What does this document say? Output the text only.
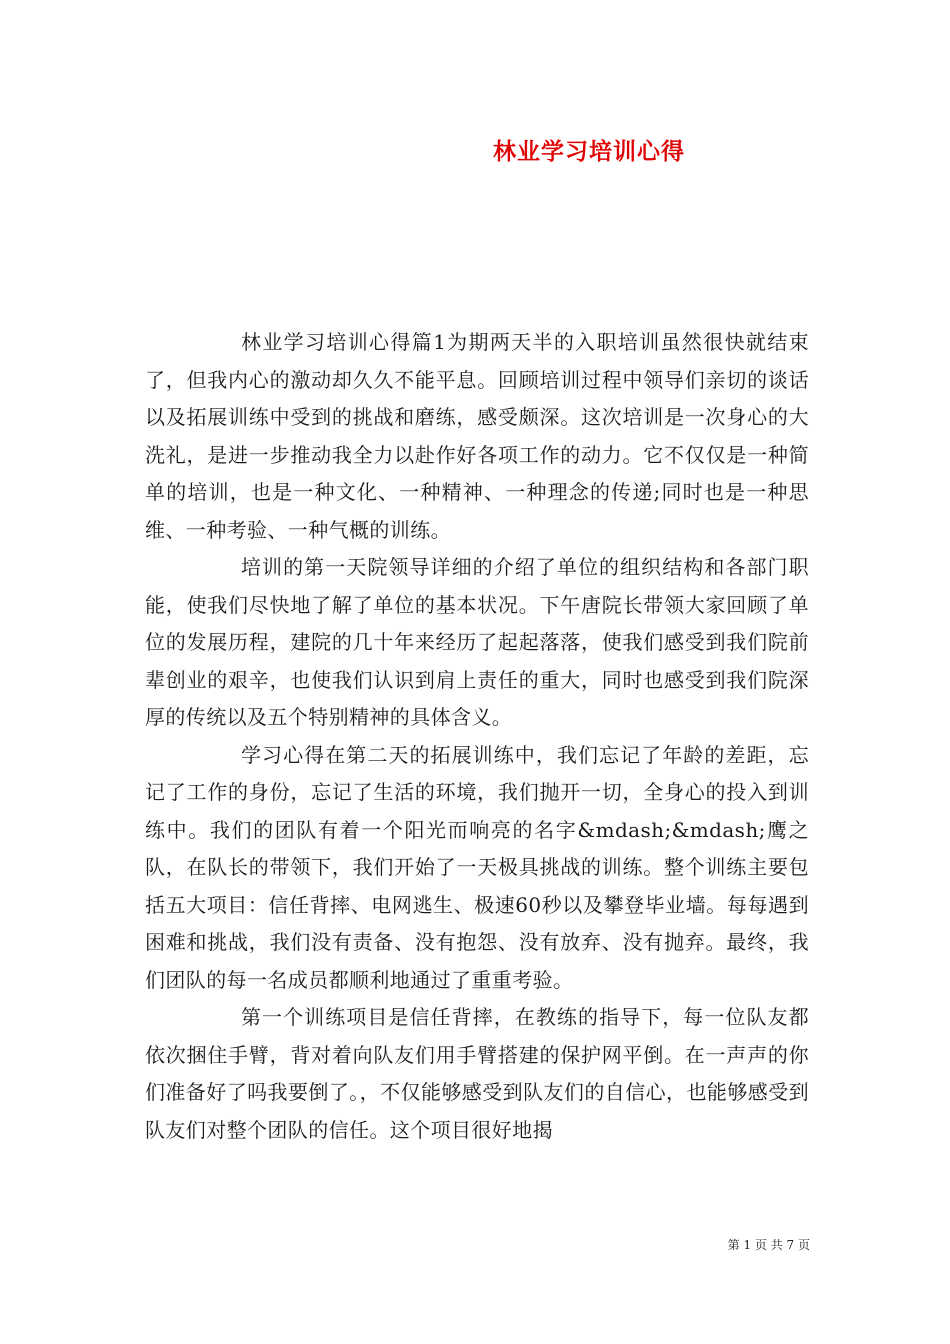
林业学习培训心得

林业学习培训心得篇1为期两天半的入职培训虽然很快就结束了，但我内心的激动却久久不能平息。回顾培训过程中领导们亲切的谈话以及拓展训练中受到的挑战和磨练，感受颇深。这次培训是一次身心的大洗礼，是进一步推动我全力以赴作好各项工作的动力。它不仅仅是一种简单的培训，也是一种文化、一种精神、一种理念的传递;同时也是一种思维、一种考验、一种气概的训练。

培训的第一天院领导详细的介绍了单位的组织结构和各部门职能，使我们尽快地了解了单位的基本状况。下午唐院长带领大家回顾了单位的发展历程，建院的几十年来经历了起起落落，使我们感受到我们院前辈创业的艰辛，也使我们认识到肩上责任的重大，同时也感受到我们院深厚的传统以及五个特别精神的具体含义。

学习心得在第二天的拓展训练中，我们忘记了年龄的差距，忘记了工作的身份，忘记了生活的环境，我们抛开一切，全身心的投入到训练中。我们的团队有着一个阳光而响亮的名字&mdash;&mdash;鹰之队，在队长的带领下，我们开始了一天极具挑战的训练。整个训练主要包括五大项目：信任背摔、电网逃生、极速60秒以及攀登毕业墙。每每遇到困难和挑战，我们没有责备、没有抱怨、没有放弃、没有抛弃。最终，我们团队的每一名成员都顺利地通过了重重考验。

第一个训练项目是信任背摔，在教练的指导下，每一位队友都依次捆住手臂，背对着向队友们用手臂搭建的保护网平倒。在一声声的你们准备好了吗我要倒了。，不仅能够感受到队友们的自信心，也能够感受到队友们对整个团队的信任。这个项目很好地揭

第 1 页 共 7 页
